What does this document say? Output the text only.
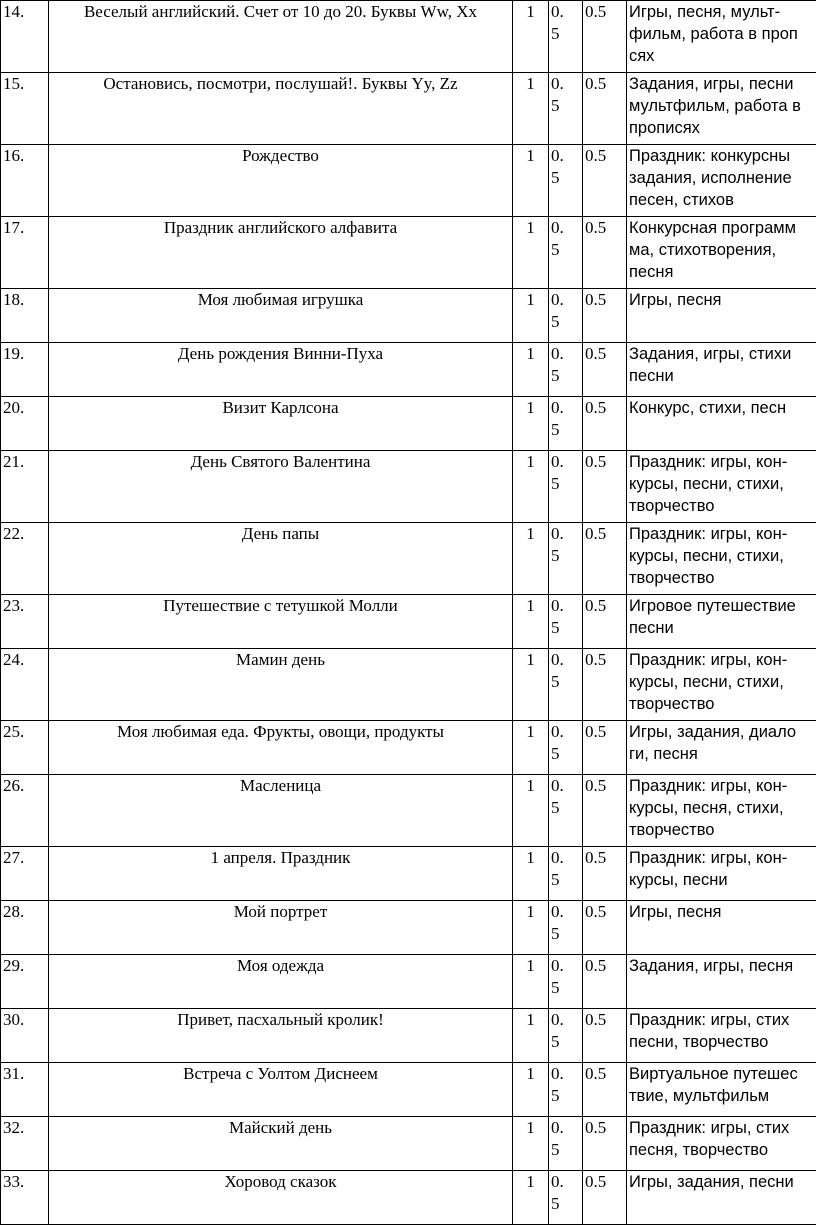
14.	Веселый английский. Счет от 10 до 20. Буквы Ww, Хх	1	0.
5	0.5	Игры, песня, мульт-
фильм, работа в проп
сях
15.	Остановись, посмотри, послушай!. Буквы Yy, Zz	1	0.
5	0.5	Задания, игры, песни
мультфильм, работа в
прописях
16.	Рождество	1	0.
5	0.5	Праздник: конкурсны
задания, исполнение
песен, стихов
17.	Праздник английского алфавита	1	0.
5	0.5	Конкурсная программ
ма, стихотворения,
песня
18.	Моя любимая игрушка	1	0.
5	0.5	Игры, песня
19.	День рождения Винни-Пуха	1	0.
5	0.5	Задания, игры, стихи
песни
20.	Визит Карлсона	1	0.
5	0.5	Конкурс, стихи, песн
21.	День Святого Валентина	1	0.
5	0.5	Праздник: игры, кон-
курсы, песни, стихи,
творчество
22.	День папы	1	0.
5	0.5	Праздник: игры, кон-
курсы, песни, стихи,
творчество
23.	Путешествие с тетушкой Молли	1	0.
5	0.5	Игровое путешествие
песни
24.	Мамин день	1	0.
5	0.5	Праздник: игры, кон-
курсы, песни, стихи,
творчество
25.	Моя любимая еда. Фрукты, овощи, продукты	1	0.
5	0.5	Игры, задания, диало
ги, песня
26.	Масленица	1	0.
5	0.5	Праздник: игры, кон-
курсы, песня, стихи,
творчество
27.	1 апреля. Праздник	1	0.
5	0.5	Праздник: игры, кон-
курсы, песни
28.	Мой портрет	1	0.
5	0.5	Игры, песня
29.	Моя одежда	1	0.
5	0.5	Задания, игры, песня
30.	Привет, пасхальный кролик!	1	0.
5	0.5	Праздник: игры, стих
песни, творчество
31.	Встреча с Уолтом Диснеем	1	0.
5	0.5	Виртуальное путешес
твие, мультфильм
32.	Майский день	1	0.
5	0.5	Праздник: игры, стих
песня, творчество
33.	Хоровод сказок	1	0.
5	0.5	Игры, задания, песни
